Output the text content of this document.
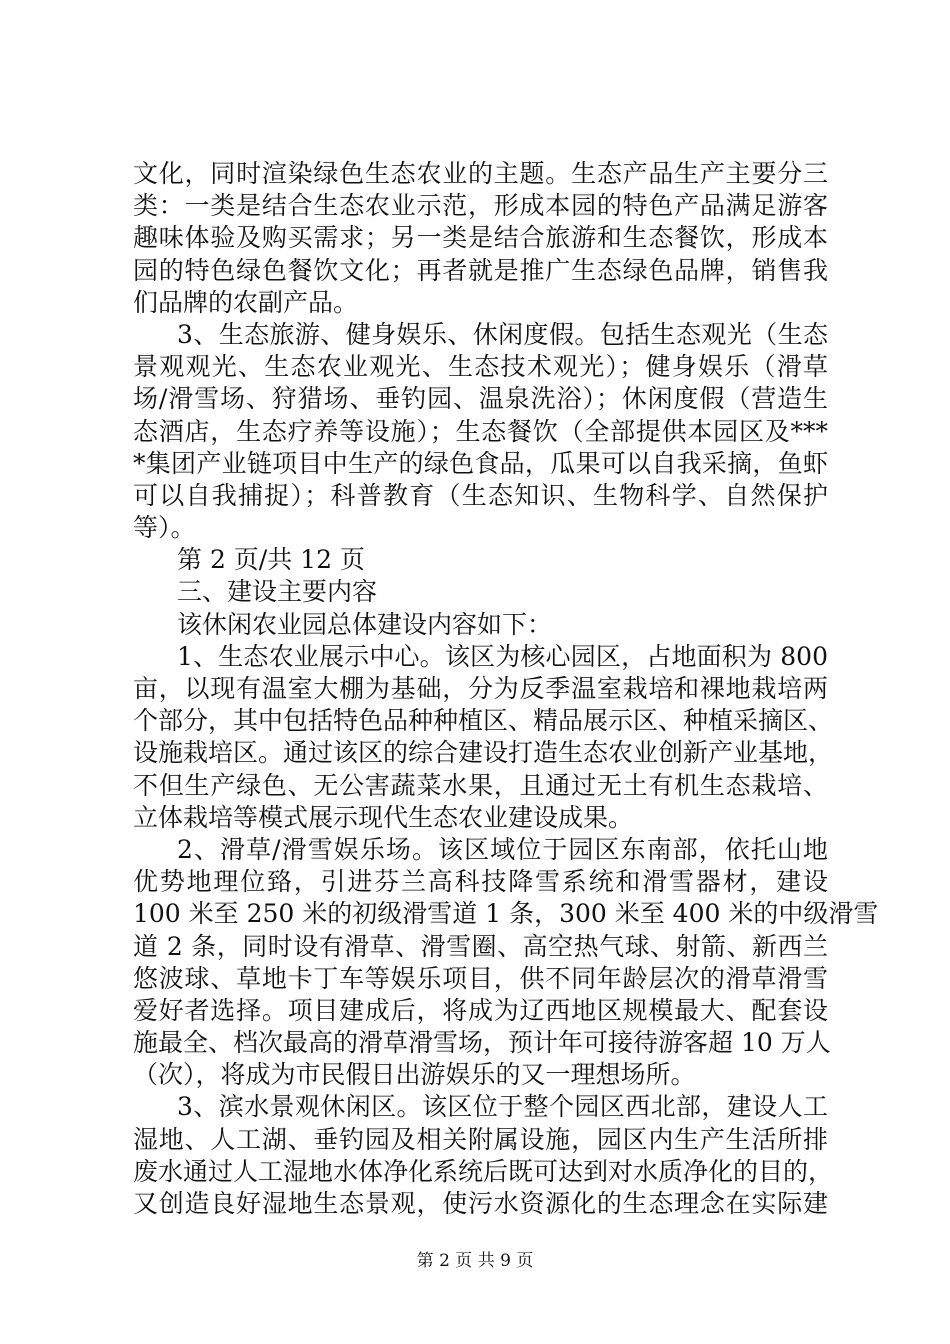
文化，同时渲染绿色生态农业的主题。生态产品生产主要分三
类：一类是结合生态农业示范，形成本园的特色产品满足游客
趣味体验及购买需求；另一类是结合旅游和生态餐饮，形成本
园的特色绿色餐饮文化；再者就是推广生态绿色品牌，销售我
们品牌的农副产品。
3、生态旅游、健身娱乐、休闲度假。包括生态观光（生态
景观观光、生态农业观光、生态技术观光）；健身娱乐（滑草
场/滑雪场、狩猎场、垂钓园、温泉洗浴）；休闲度假（营造生
态酒店，生态疗养等设施）；生态餐饮（全部提供本园区及***
*集团产业链项目中生产的绿色食品，瓜果可以自我采摘，鱼虾
可以自我捕捉）；科普教育（生态知识、生物科学、自然保护
等）。
第 2 页/共 12 页
三、建设主要内容
该休闲农业园总体建设内容如下：
1、生态农业展示中心。该区为核心园区，占地面积为 800
亩，以现有温室大棚为基础，分为反季温室栽培和裸地栽培两
个部分，其中包括特色品种种植区、精品展示区、种植采摘区、
设施栽培区。通过该区的综合建设打造生态农业创新产业基地，
不但生产绿色、无公害蔬菜水果，且通过无土有机生态栽培、
立体栽培等模式展示现代生态农业建设成果。
2、滑草/滑雪娱乐场。该区域位于园区东南部，依托山地
优势地理位臵，引进芬兰高科技降雪系统和滑雪器材，建设
100 米至 250 米的初级滑雪道 1 条，300 米至 400 米的中级滑雪
道 2 条，同时设有滑草、滑雪圈、高空热气球、射箭、新西兰
悠波球、草地卡丁车等娱乐项目，供不同年龄层次的滑草滑雪
爱好者选择。项目建成后，将成为辽西地区规模最大、配套设
施最全、档次最高的滑草滑雪场，预计年可接待游客超 10 万人
（次），将成为市民假日出游娱乐的又一理想场所。
3、滨水景观休闲区。该区位于整个园区西北部，建设人工
湿地、人工湖、垂钓园及相关附属设施，园区内生产生活所排
废水通过人工湿地水体净化系统后既可达到对水质净化的目的，
又创造良好湿地生态景观，使污水资源化的生态理念在实际建
第 2 页 共 9 页
